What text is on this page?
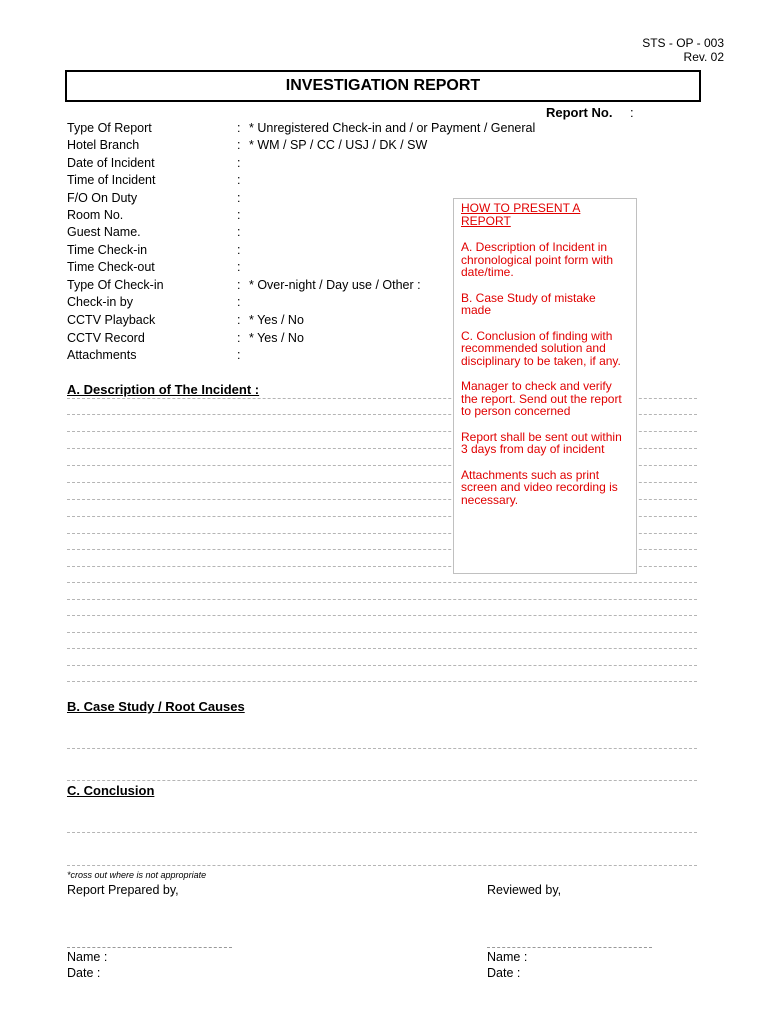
STS - OP - 003
Rev. 02
INVESTIGATION REPORT
Report No. :
Type Of Report	: * Unregistered Check-in and / or Payment / General
Hotel Branch	: * WM / SP / CC / USJ / DK / SW
Date of Incident	:
Time of Incident	:
F/O On Duty	:
Room No.	:
Guest Name.	:
Time Check-in	:
Time Check-out	:
Type Of Check-in	: * Over-night / Day use / Other :
Check-in by	:
CCTV Playback	: * Yes / No
CCTV Record	: * Yes / No
Attachments	:
A. Description of The Incident :

HOW TO PRESENT A REPORT

A. Description of Incident in chronological point form with date/time.

B. Case Study of mistake made

C. Conclusion of finding with recommended solution and disciplinary to be taken, if any.

Manager to check and verify the report. Send out the report to person concerned

Report shall be sent out within 3 days from day of incident

Attachments such as print screen and video recording is necessary.

B. Case Study / Root Causes
C. Conclusion
*cross out where is not appropriate
Report Prepared by,	Reviewed by,
Name :
Date :
Name :
Date :
